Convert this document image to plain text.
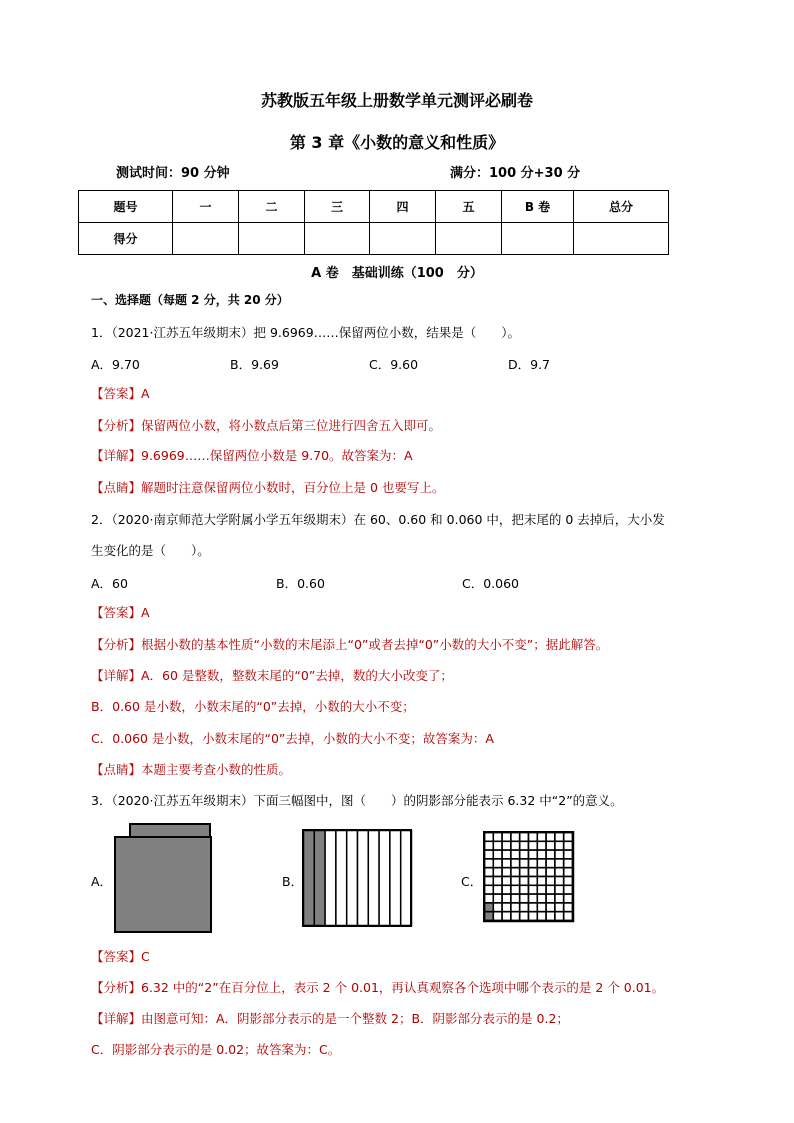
苏教版五年级上册数学单元测评必刷卷
第 3 章《小数的意义和性质》
测试时间：90 分钟	满分：100 分+30 分
题号	一	二	三	四	五	B 卷	总分
得分							
A 卷　基础训练（100　分）
一、选择题（每题 2 分，共 20 分）
1．（2021·江苏五年级期末）把 9.6969……保留两位小数，结果是（　　）。
A．9.70	B．9.69	C．9.60	D．9.7
【答案】A
【分析】保留两位小数，将小数点后第三位进行四舍五入即可。
【详解】9.6969……保留两位小数是 9.70。故答案为：A
【点睛】解题时注意保留两位小数时，百分位上是 0 也要写上。
2．（2020·南京师范大学附属小学五年级期末）在 60、0.60 和 0.060 中，把末尾的 0 去掉后，大小发
生变化的是（　　）。
A．60	B．0.60	C．0.060
【答案】A
【分析】根据小数的基本性质“小数的末尾添上“0”或者去掉“0”小数的大小不变”；据此解答。
【详解】A．60 是整数，整数末尾的“0”去掉，数的大小改变了；
B．0.60 是小数，小数末尾的“0”去掉，小数的大小不变；
C．0.060 是小数，小数末尾的“0”去掉，小数的大小不变；故答案为：A
【点睛】本题主要考查小数的性质。
3．（2020·江苏五年级期末）下面三幅图中，图（　　）的阴影部分能表示 6.32 中“2”的意义。
A．	B．	C．
【答案】C
【分析】6.32 中的“2”在百分位上，表示 2 个 0.01，再认真观察各个选项中哪个表示的是 2 个 0.01。
【详解】由图意可知：A．阴影部分表示的是一个整数 2；B．阴影部分表示的是 0.2；
C．阴影部分表示的是 0.02；故答案为：C。
